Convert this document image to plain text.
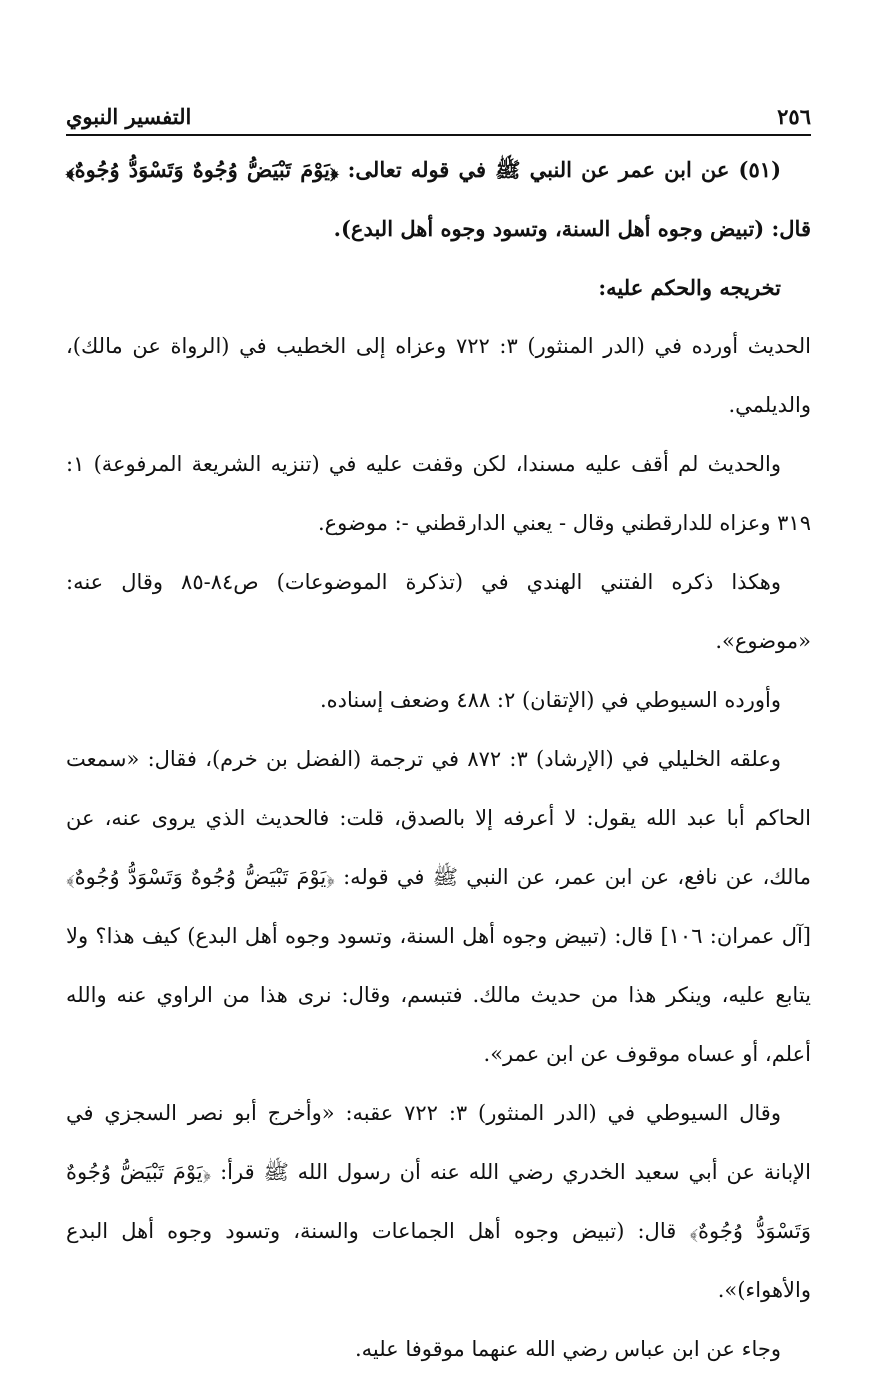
٢٥٦
التفسير النبوي

(٥١) عن ابن عمر عن النبي ﷺ في قوله تعالى: ﴿يَوْمَ تَبْيَضُّ وُجُوهٌ وَتَسْوَدُّ وُجُوهٌ﴾ قال: (تبيض وجوه أهل السنة، وتسود وجوه أهل البدع).

تخريجه والحكم عليه:

الحديث أورده في (الدر المنثور) ٣: ٧٢٢ وعزاه إلى الخطيب في (الرواة عن مالك)، والديلمي.

والحديث لم أقف عليه مسندا، لكن وقفت عليه في (تنزيه الشريعة المرفوعة) ١: ٣١٩ وعزاه للدارقطني وقال - يعني الدارقطني -: موضوع.

وهكذا ذكره الفتني الهندي في (تذكرة الموضوعات) ص٨٤-٨٥ وقال عنه: «موضوع».

وأورده السيوطي في (الإتقان) ٢: ٤٨٨ وضعف إسناده.

وعلقه الخليلي في (الإرشاد) ٣: ٨٧٢ في ترجمة (الفضل بن خرم)، فقال: «سمعت الحاكم أبا عبد الله يقول: لا أعرفه إلا بالصدق، قلت: فالحديث الذي يروى عنه، عن مالك، عن نافع، عن ابن عمر، عن النبي ﷺ في قوله: ﴿يَوْمَ تَبْيَضُّ وُجُوهٌ وَتَسْوَدُّ وُجُوهٌ﴾ [آل عمران: ١٠٦] قال: (تبيض وجوه أهل السنة، وتسود وجوه أهل البدع) كيف هذا؟ ولا يتابع عليه، وينكر هذا من حديث مالك. فتبسم، وقال: نرى هذا من الراوي عنه والله أعلم، أو عساه موقوف عن ابن عمر».

وقال السيوطي في (الدر المنثور) ٣: ٧٢٢ عقبه: «وأخرج أبو نصر السجزي في الإبانة عن أبي سعيد الخدري رضي الله عنه أن رسول الله ﷺ قرأ: ﴿يَوْمَ تَبْيَضُّ وُجُوهٌ وَتَسْوَدُّ وُجُوهٌ﴾ قال: (تبيض وجوه أهل الجماعات والسنة، وتسود وجوه أهل البدع والأهواء)».

وجاء عن ابن عباس رضي الله عنهما موقوفا عليه.
